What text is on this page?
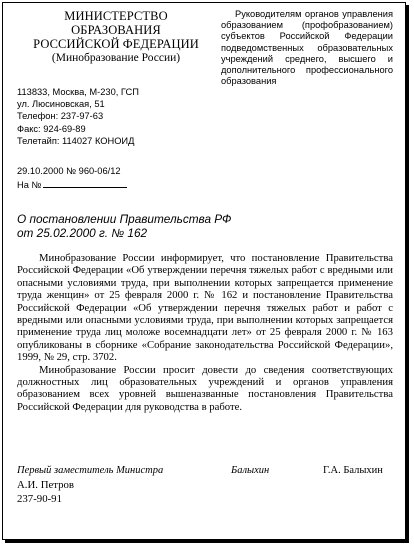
МИНИСТЕРСТВО ОБРАЗОВАНИЯ
РОССИЙСКОЙ ФЕДЕРАЦИИ
(Минобразование России)
Руководителям органов управления образованием (профобразованием) субъектов Российской Федерации подведомственных образовательных учреждений среднего, высшего и дополнительного профессионального образования
113833, Москва, М-230, ГСП
ул. Люсиновская, 51
Телефон: 237-97-63
Факс: 924-69-89
Телетайп: 114027 КОНОИД
29.10.2000 № 960-06/12
На №
О постановлении Правительства РФ
от 25.02.2000 г. № 162

Минобразование России информирует, что постановление Правительства Российской Федерации «Об утверждении перечня тяжелых работ с вредными или опасными условиями труда, при выполнении которых запрещается применение труда женщин» от 25 февраля 2000 г. № 162 и постановление Правительства Российской Федерации «Об утверждении перечня тяжелых работ и работ с вредными или опасными условиями труда, при выполнении которых запрещается применение труда лиц моложе восемнадцати лет» от 25 февраля 2000 г. № 163 опубликованы в сборнике «Собрание законодательства Российской Федерации», 1999, № 29, стр. 3702.

Минобразование России просит довести до сведения соответствующих должностных лиц образовательных учреждений и органов управления образованием всех уровней вышеназванные постановления Правительства Российской Федерации для руководства в работе.

Первый заместитель Министра	Балыхин	Г.А. Балыхин
А.И. Петров
237-90-91
